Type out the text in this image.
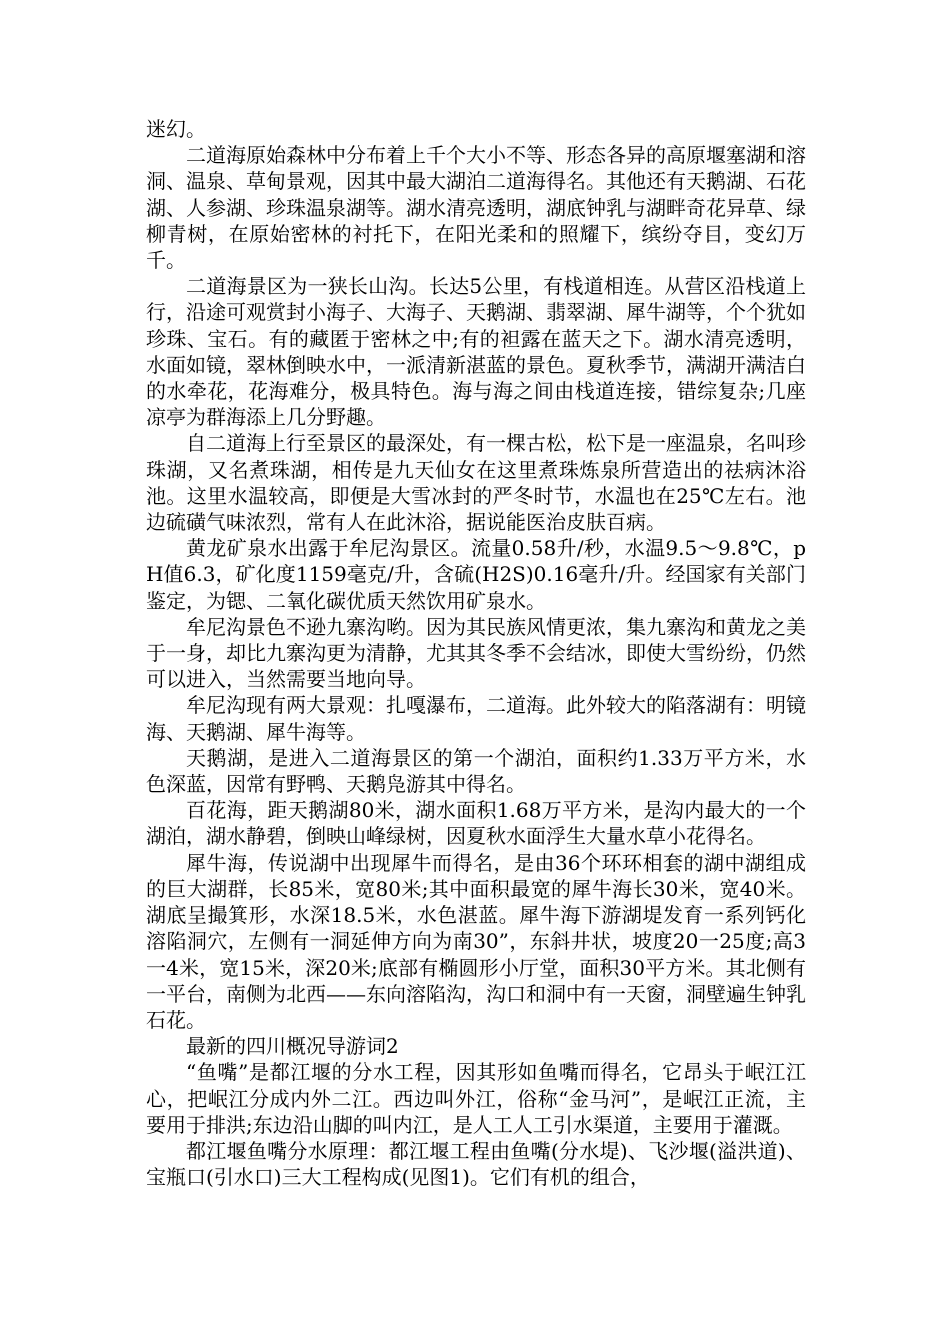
迷幻。

二道海原始森林中分布着上千个大小不等、形态各异的高原堰塞湖和溶洞、温泉、草甸景观，因其中最大湖泊二道海得名。其他还有天鹅湖、石花湖、人参湖、珍珠温泉湖等。湖水清亮透明，湖底钟乳与湖畔奇花异草、绿柳青树，在原始密林的衬托下，在阳光柔和的照耀下，缤纷夺目，变幻万千。

二道海景区为一狭长山沟。长达5公里，有栈道相连。从营区沿栈道上行，沿途可观赏封小海子、大海子、天鹅湖、翡翠湖、犀牛湖等，个个犹如珍珠、宝石。有的藏匿于密林之中;有的袒露在蓝天之下。湖水清亮透明，水面如镜，翠林倒映水中，一派清新湛蓝的景色。夏秋季节，满湖开满洁白的水牵花，花海难分，极具特色。海与海之间由栈道连接，错综复杂;几座凉亭为群海添上几分野趣。

自二道海上行至景区的最深处，有一棵古松，松下是一座温泉，名叫珍珠湖，又名煮珠湖，相传是九天仙女在这里煮珠炼泉所营造出的祛病沐浴池。这里水温较高，即便是大雪冰封的严冬时节，水温也在25℃左右。池边硫磺气味浓烈，常有人在此沐浴，据说能医治皮肤百病。

黄龙矿泉水出露于牟尼沟景区。流量0.58升/秒，水温9.5～9.8℃，pH值6.3，矿化度1159毫克/升，含硫(H2S)0.16毫升/升。经国家有关部门鉴定，为锶、二氧化碳优质天然饮用矿泉水。

牟尼沟景色不逊九寨沟哟。因为其民族风情更浓，集九寨沟和黄龙之美于一身，却比九寨沟更为清静，尤其其冬季不会结冰，即使大雪纷纷，仍然可以进入，当然需要当地向导。

牟尼沟现有两大景观：扎嘎瀑布，二道海。此外较大的陷落湖有：明镜 海、天鹅湖、犀牛海等。

天鹅湖，是进入二道海景区的第一个湖泊，面积约1.33万平方米，水色深蓝，因常有野鸭、天鹅凫游其中得名。

百花海，距天鹅湖80米，湖水面积1.68万平方米，是沟内最大的一个湖泊，湖水静碧，倒映山峰绿树，因夏秋水面浮生大量水草小花得名。

犀牛海，传说湖中出现犀牛而得名，是由36个环环相套的湖中湖组成的巨大湖群，长85米，宽80米;其中面积最宽的犀牛海长30米，宽40米。湖底呈撮箕形，水深18.5米，水色湛蓝。犀牛海下游湖堤发育一系列钙化溶陷洞穴，左侧有一洞延伸方向为南30”，东斜井状，坡度20一25度;高3一4米，宽15米，深20米;底部有椭圆形小厅堂，面积30平方米。其北侧有一平台，南侧为北西——东向溶陷沟，沟口和洞中有一天窗，洞壁遍生钟乳石花。

最新的四川概况导游词2

“鱼嘴”是都江堰的分水工程，因其形如鱼嘴而得名，它昂头于岷江江心，把岷江分成内外二江。西边叫外江，俗称“金马河”，是岷江正流，主要用于排洪;东边沿山脚的叫内江，是人工人工引水渠道，主要用于灌溉。

都江堰鱼嘴分水原理：都江堰工程由鱼嘴(分水堤)、飞沙堰(溢洪道)、宝瓶口(引水口)三大工程构成(见图1)。它们有机的组合，
